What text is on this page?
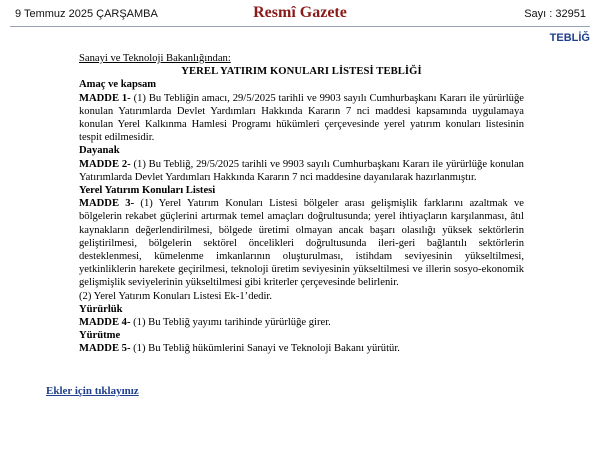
9 Temmuz 2025 ÇARŞAMBA	Resmî Gazete	Sayı : 32951
TEBLİĞ

Sanayi ve Teknoloji Bakanlığından:

YEREL YATIRIM KONULARI LİSTESİ TEBLİĞİ

Amaç ve kapsam

MADDE 1- (1) Bu Tebliğin amacı, 29/5/2025 tarihli ve 9903 sayılı Cumhurbaşkanı Kararı ile yürürlüğe konulan Yatırımlarda Devlet Yardımları Hakkında Kararın 7 nci maddesi kapsamında uygulamaya konulan Yerel Kalkınma Hamlesi Programı hükümleri çerçevesinde yerel yatırım konuları listesinin tespit edilmesidir.

Dayanak

MADDE 2- (1) Bu Tebliğ, 29/5/2025 tarihli ve 9903 sayılı Cumhurbaşkanı Kararı ile yürürlüğe konulan Yatırımlarda Devlet Yardımları Hakkında Kararın 7 nci maddesine dayanılarak hazırlanmıştır.

Yerel Yatırım Konuları Listesi

MADDE 3- (1) Yerel Yatırım Konuları Listesi bölgeler arası gelişmişlik farklarını azaltmak ve bölgelerin rekabet güçlerini artırmak temel amaçları doğrultusunda; yerel ihtiyaçların karşılanması, âtıl kaynakların değerlendirilmesi, bölgede üretimi olmayan ancak başarı olasılığı yüksek sektörlerin geliştirilmesi, bölgelerin sektörel öncelikleri doğrultusunda ileri-geri bağlantılı sektörlerin desteklenmesi, kümelenme imkanlarının oluşturulması, istihdam seviyesinin yükseltilmesi, yetkinliklerin harekete geçirilmesi, teknoloji üretim seviyesinin yükseltilmesi ve illerin sosyo-ekonomik gelişmişlik seviyelerinin yükseltilmesi gibi kriterler çerçevesinde belirlenir.

(2) Yerel Yatırım Konuları Listesi Ek-1’dedir.

Yürürlük

MADDE 4- (1) Bu Tebliğ yayımı tarihinde yürürlüğe girer.

Yürütme

MADDE 5- (1) Bu Tebliğ hükümlerini Sanayi ve Teknoloji Bakanı yürütür.

Ekler için tıklayınız
